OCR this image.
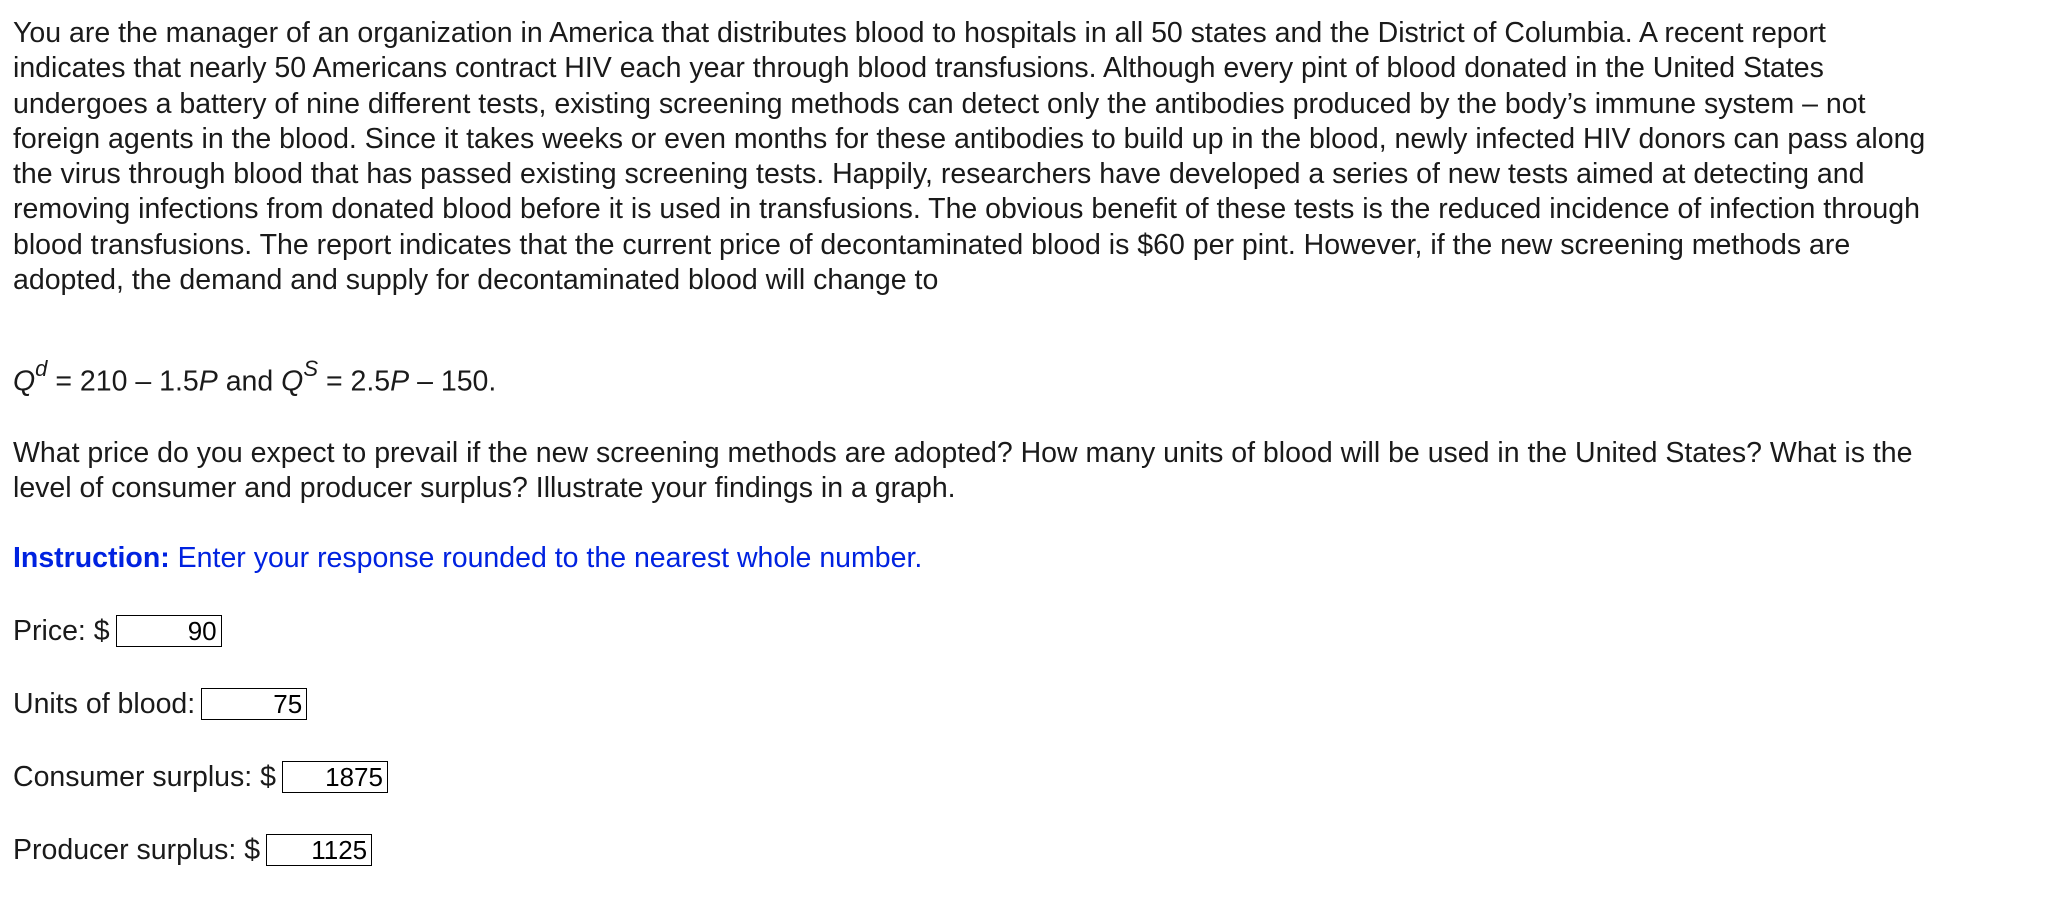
You are the manager of an organization in America that distributes blood to hospitals in all 50 states and the District of Columbia. A recent report indicates that nearly 50 Americans contract HIV each year through blood transfusions. Although every pint of blood donated in the United States undergoes a battery of nine different tests, existing screening methods can detect only the antibodies produced by the body’s immune system – not foreign agents in the blood. Since it takes weeks or even months for these antibodies to build up in the blood, newly infected HIV donors can pass along the virus through blood that has passed existing screening tests. Happily, researchers have developed a series of new tests aimed at detecting and removing infections from donated blood before it is used in transfusions. The obvious benefit of these tests is the reduced incidence of infection through blood transfusions. The report indicates that the current price of decontaminated blood is $60 per pint. However, if the new screening methods are adopted, the demand and supply for decontaminated blood will change to

$Q^d = 210 - 1.5P$ and $Q^S = 2.5P - 150$.
What price do you expect to prevail if the new screening methods are adopted? How many units of blood will be used in the United States? What is the level of consumer and producer surplus? Illustrate your findings in a graph.
Instruction: Enter your response rounded to the nearest whole number.
Price: $	90
Units of blood:	75
Consumer surplus: $	1875
Producer surplus: $	1125
